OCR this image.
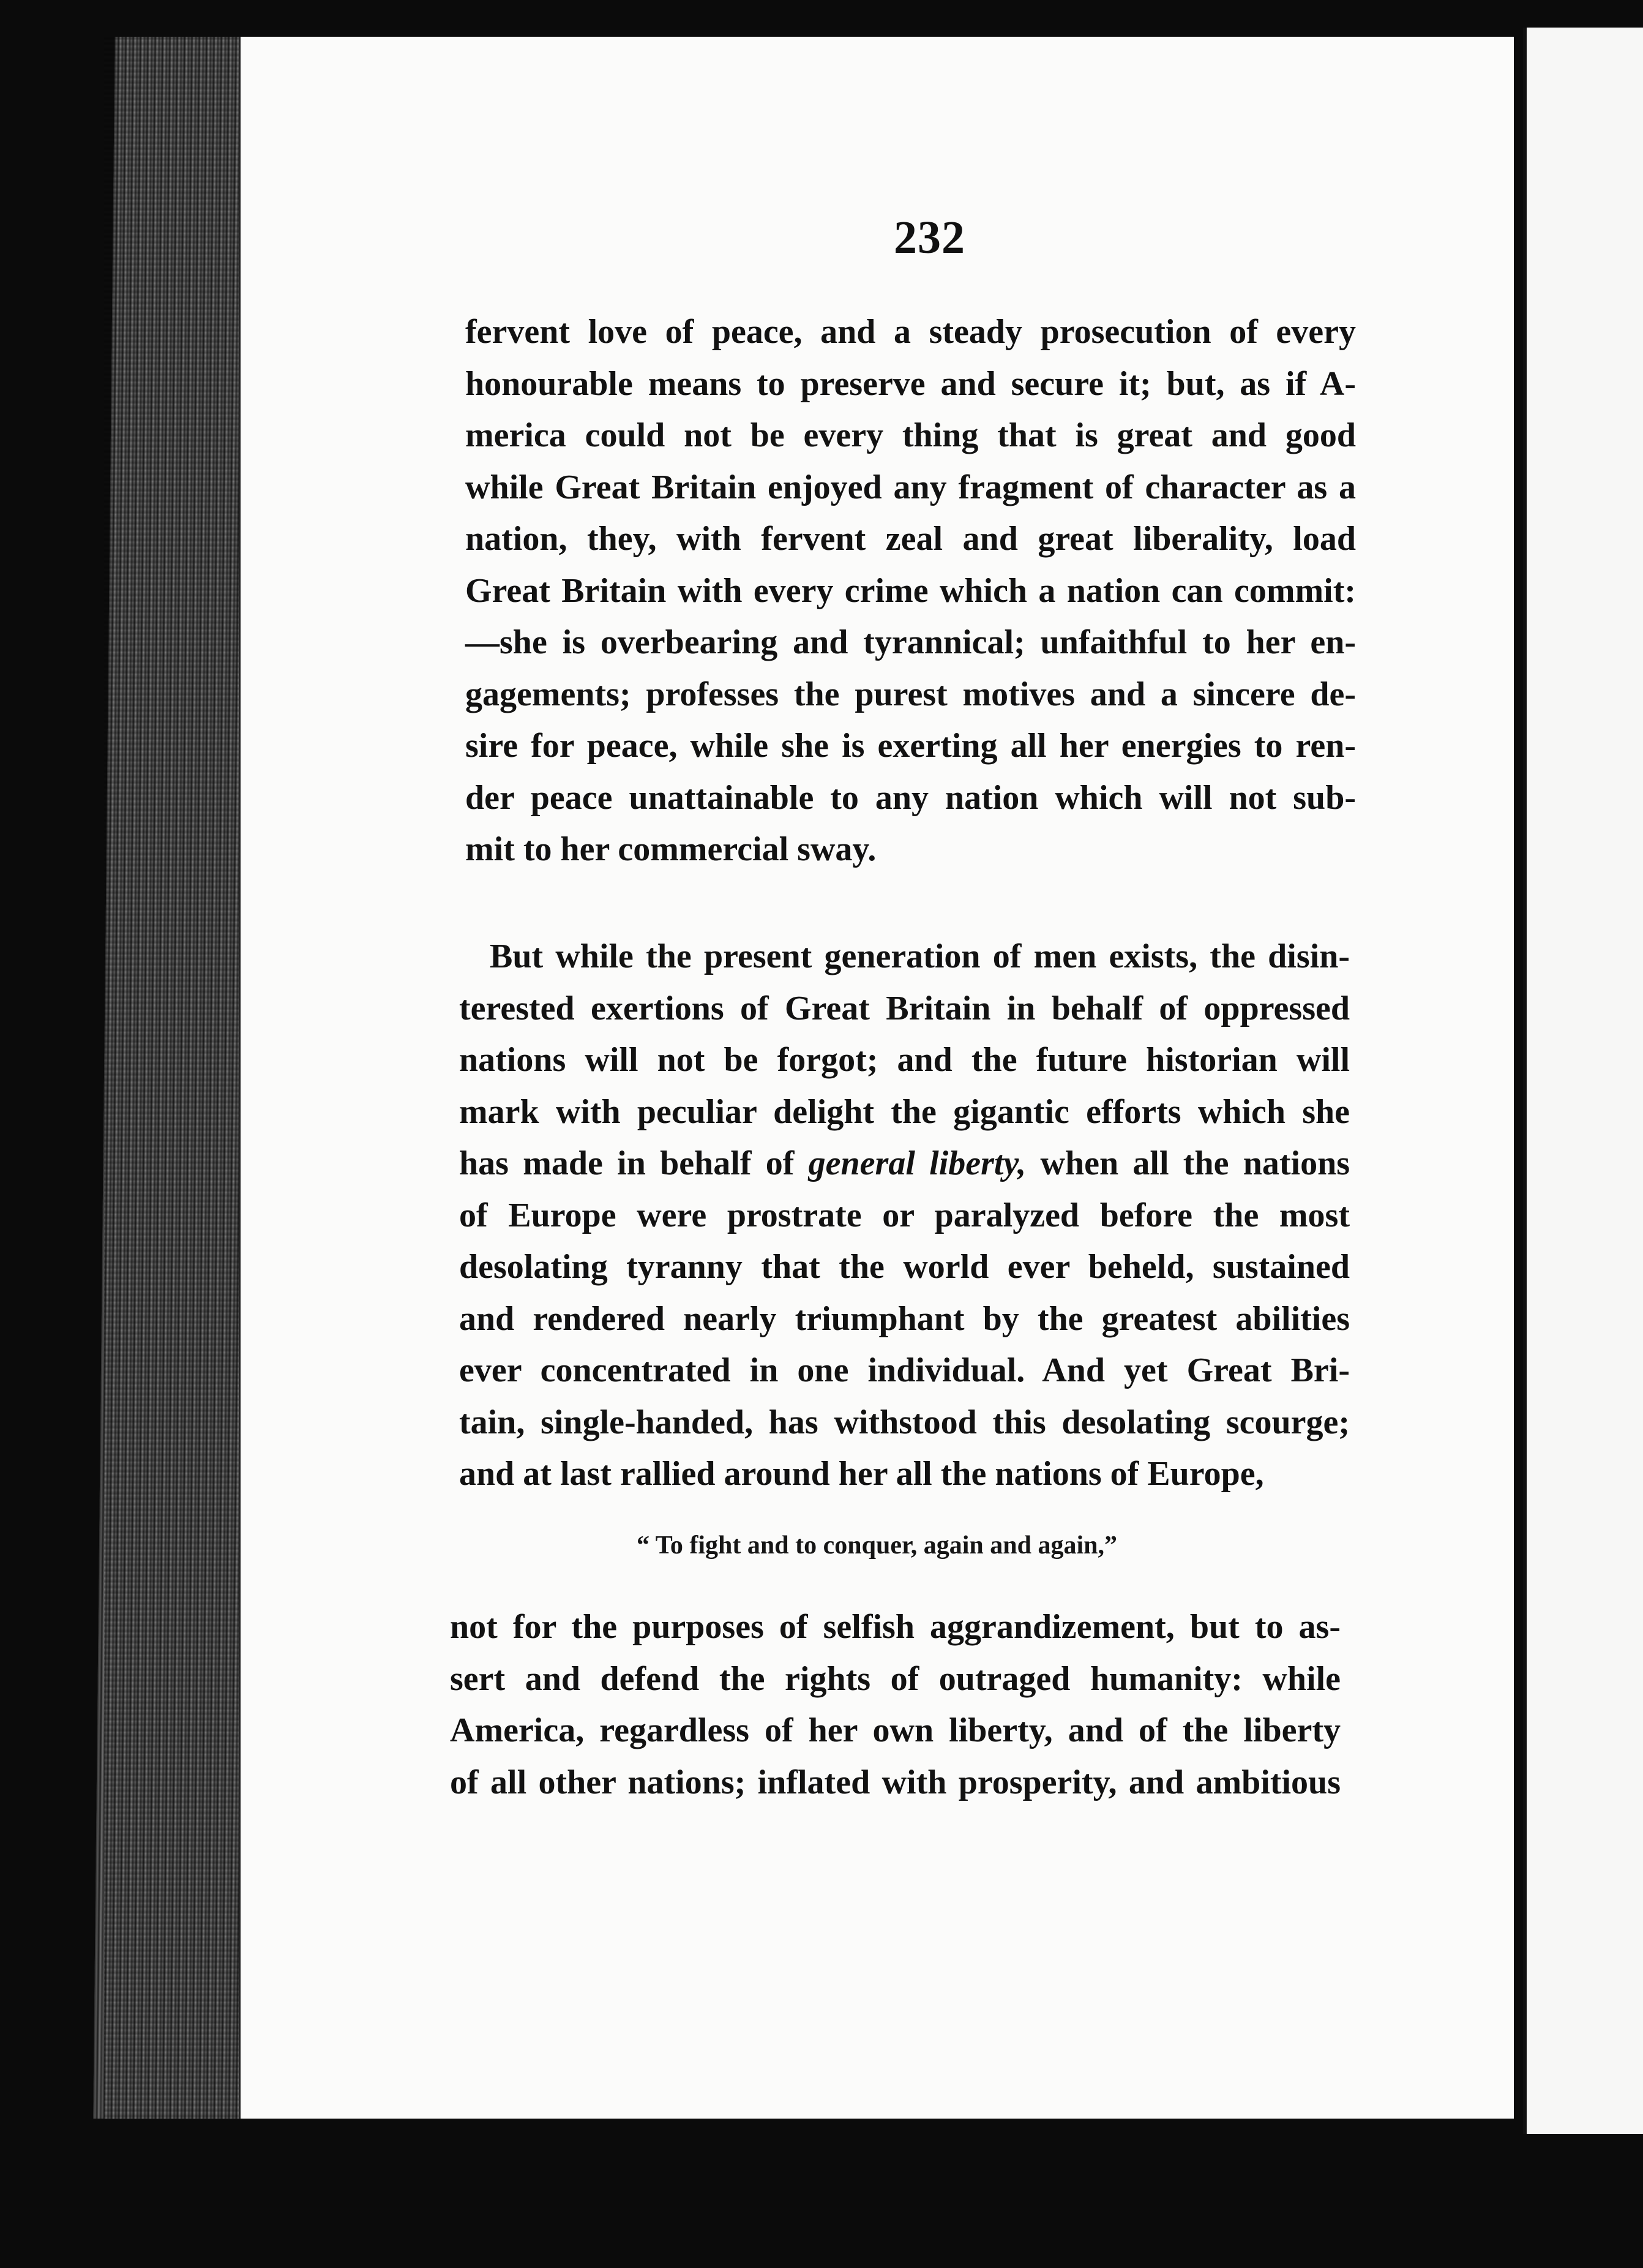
232
fervent love of peace, and a steady prosecution of every
honourable means to preserve and secure it; but, as if A-
merica could not be every thing that is great and good
while Great Britain enjoyed any fragment of character as a
nation, they, with fervent zeal and great liberality, load
Great Britain with every crime which a nation can commit:
—she is overbearing and tyrannical; unfaithful to her en-
gagements; professes the purest motives and a sincere de-
sire for peace, while she is exerting all her energies to ren-
der peace unattainable to any nation which will not sub-
mit to her commercial sway.
But while the present generation of men exists, the disin-
terested exertions of Great Britain in behalf of oppressed
nations will not be forgot; and the future historian will
mark with peculiar delight the gigantic efforts which she
has made in behalf of general liberty, when all the nations
of Europe were prostrate or paralyzed before the most
desolating tyranny that the world ever beheld, sustained
and rendered nearly triumphant by the greatest abilities
ever concentrated in one individual. And yet Great Bri-
tain, single-handed, has withstood this desolating scourge;
and at last rallied around her all the nations of Europe,
“ To fight and to conquer, again and again,”
not for the purposes of selfish aggrandizement, but to as-
sert and defend the rights of outraged humanity: while
America, regardless of her own liberty, and of the liberty
of all other nations; inflated with prosperity, and ambitious
